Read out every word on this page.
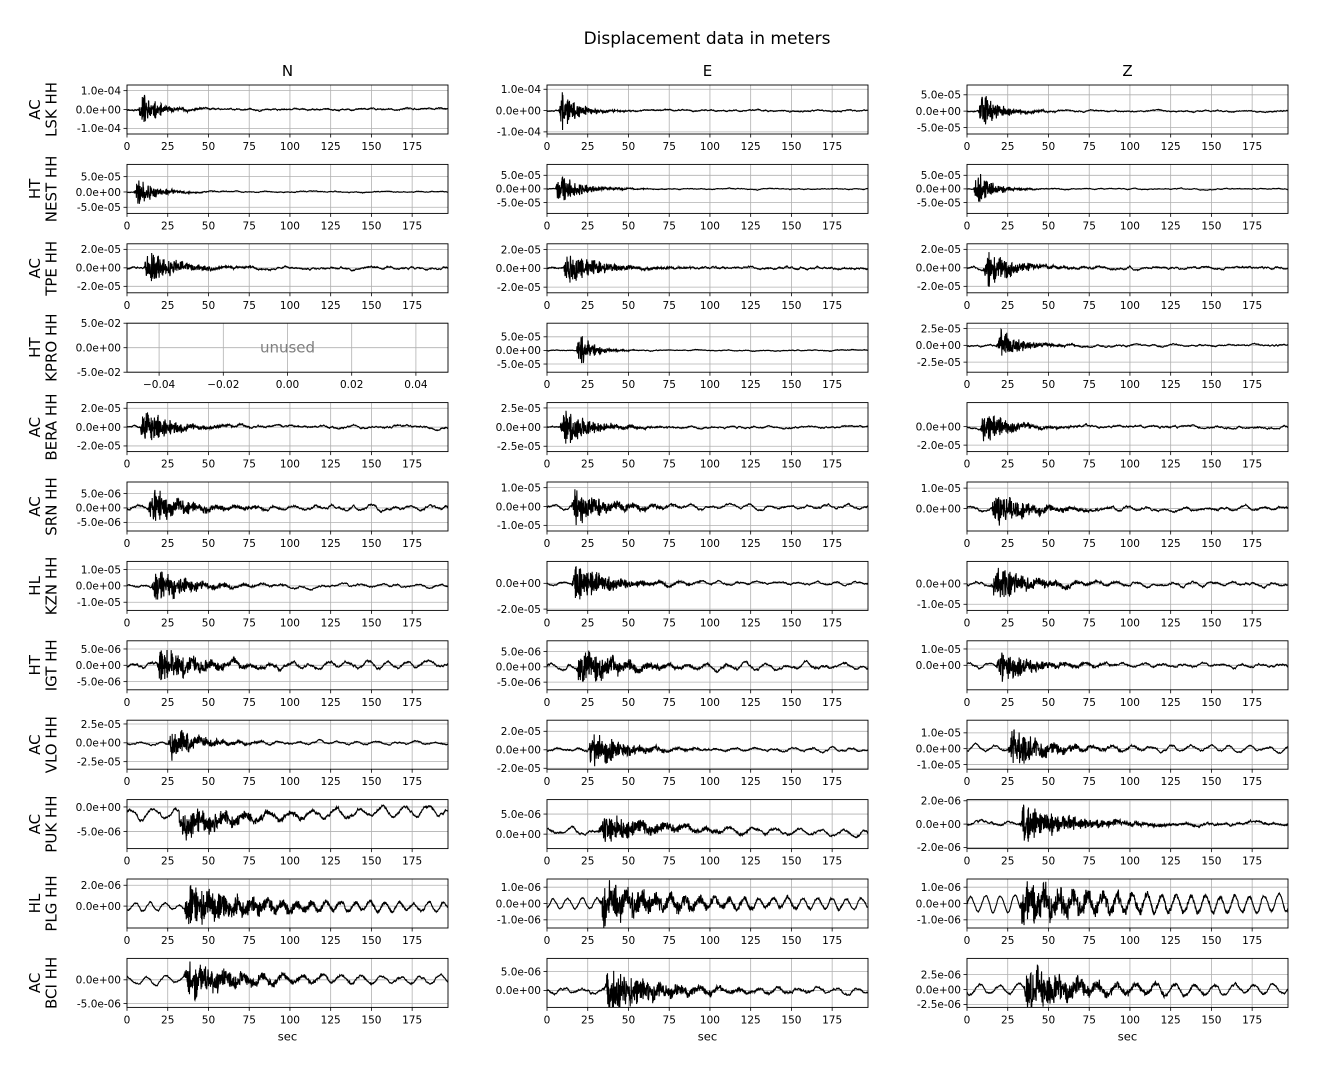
Displacement data in meters
N	E	Z
ACLSK HH
0	25	50	75 100 125 150 175
1.0e-04
0.0e+00
-1.0e-04
0	25	50	75 100 125 150 175
1.0e-04
0.0e+00
-1.0e-04
0	25	50	75 100 125 150 175
5.0e-05
0.0e+00
-5.0e-05
HTNEST HH
0	25	50	75 100 125 150 175
5.0e-05
0.0e+00
-5.0e-05
0	25	50	75 100 125 150 175
5.0e-05
0.0e+00
-5.0e-05
0	25	50	75 100 125 150 175
5.0e-05
0.0e+00
-5.0e-05
ACTPE HH
0	25	50	75 100 125 150 175
2.0e-05
0.0e+00
-2.0e-05
0	25	50	75 100 125 150 175
2.0e-05
0.0e+00
-2.0e-05
0	25	50	75 100 125 150 175
2.0e-05
0.0e+00
-2.0e-05
HTKPRO HH
−0.04	−0.02	0.00	0.02	0.04
5.0e-02
0.0e+00
-5.0e-02
unused
0	25	50	75 100 125 150 175
5.0e-05
0.0e+00
-5.0e-05
0	25	50	75 100 125 150 175
2.5e-05
0.0e+00
-2.5e-05
ACBERA HH
0	25	50	75 100 125 150 175
2.0e-05
0.0e+00
-2.0e-05
0	25	50	75 100 125 150 175
2.5e-05
0.0e+00
-2.5e-05
0	25	50	75 100 125 150 175
0.0e+00
-2.0e-05
ACSRN HH
0	25	50	75 100 125 150 175
5.0e-06
0.0e+00
-5.0e-06
0	25	50	75 100 125 150 175
1.0e-05
0.0e+00
-1.0e-05
0	25	50	75 100 125 150 175
1.0e-05
0.0e+00
HLKZN HH
0	25	50	75 100 125 150 175
1.0e-05
0.0e+00
-1.0e-05
0	25	50	75 100 125 150 175
0.0e+00
-2.0e-05
0	25	50	75 100 125 150 175
0.0e+00
-1.0e-05
HTIGT HH
0	25	50	75 100 125 150 175
5.0e-06
0.0e+00
-5.0e-06
0	25	50	75 100 125 150 175
5.0e-06
0.0e+00
-5.0e-06
0	25	50	75 100 125 150 175
1.0e-05
0.0e+00
ACVLO HH
0	25	50	75 100 125 150 175
2.5e-05
0.0e+00
-2.5e-05
0	25	50	75 100 125 150 175
2.0e-05
0.0e+00
-2.0e-05
0	25	50	75 100 125 150 175
1.0e-05
0.0e+00
-1.0e-05
ACPUK HH
0	25	50	75 100 125 150 175
0.0e+00
-5.0e-06
0	25	50	75 100 125 150 175
5.0e-06
0.0e+00
0	25	50	75 100 125 150 175
2.0e-06
0.0e+00
-2.0e-06
HLPLG HH
0	25	50	75 100 125 150 175
2.0e-06
0.0e+00
0	25	50	75 100 125 150 175
1.0e-06
0.0e+00
-1.0e-06
0	25	50	75 100 125 150 175
1.0e-06
0.0e+00
-1.0e-06
ACBCI HH
0	25	50	75 100 125 150 175
0.0e+00
-5.0e-06
sec
0	25	50	75 100 125 150 175
5.0e-06
0.0e+00
sec
0	25	50	75 100 125 150 175
2.5e-06
0.0e+00
-2.5e-06
sec
